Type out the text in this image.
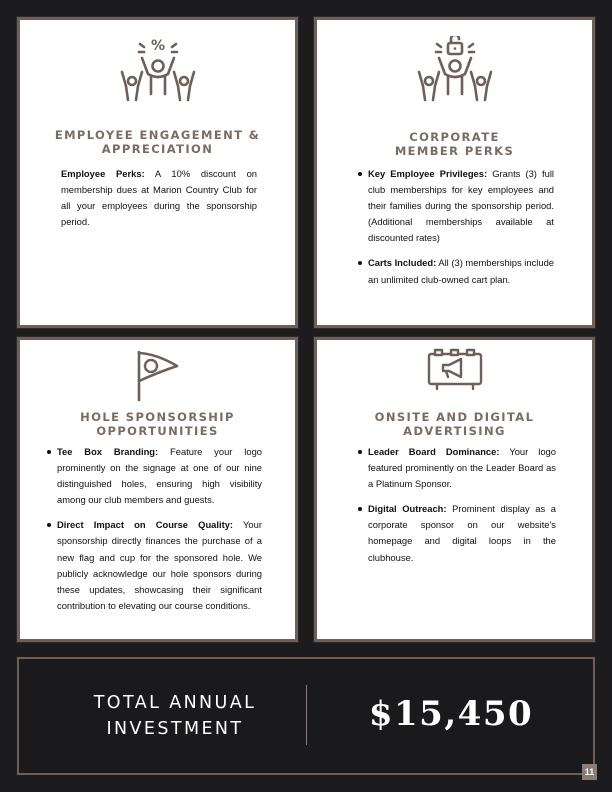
%
EMPLOYEE ENGAGEMENT &
APPRECIATION
Employee Perks: A 10% discount on membership dues at Marion Country Club for all your employees during the sponsorship period.
CORPORATE
MEMBER PERKS
Key Employee Privileges: Grants (3) full club memberships for key employees and their families during the sponsorship period. (Additional memberships available at discounted rates)
Carts Included: All (3) memberships include an unlimited club-owned cart plan.
HOLE SPONSORSHIP
OPPORTUNITIES
Tee Box Branding: Feature your logo prominently on the signage at one of our nine distinguished holes, ensuring high visibility among our club members and guests.
Direct Impact on Course Quality: Your sponsorship directly finances the purchase of a new flag and cup for the sponsored hole. We publicly acknowledge our hole sponsors during these updates, showcasing their significant contribution to elevating our course conditions.
ONSITE AND DIGITAL
ADVERTISING
Leader Board Dominance: Your logo featured prominently on the Leader Board as a Platinum Sponsor.
Digital Outreach: Prominent display as a corporate sponsor on our website's homepage and digital loops in the clubhouse.
TOTAL ANNUAL
INVESTMENT	$15,450
11
